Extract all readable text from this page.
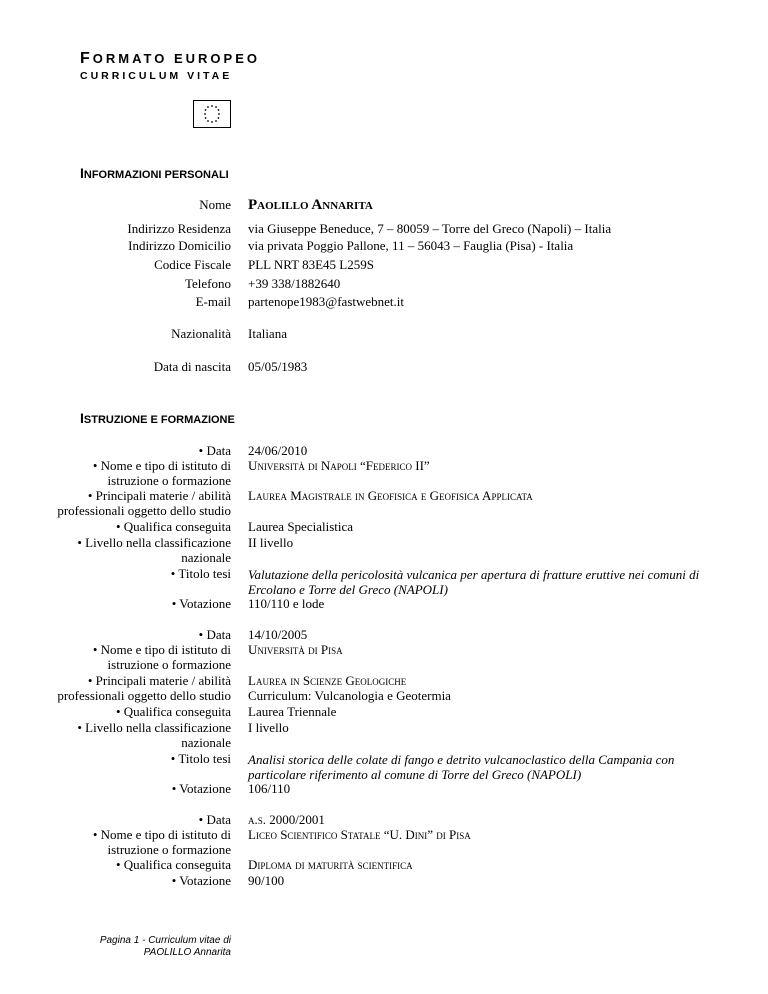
FORMATO EUROPEO
CURRICULUM VITAE
INFORMAZIONI PERSONALI
Nome Paolillo Annarita
Indirizzo Residenza via Giuseppe Beneduce, 7 – 80059 – Torre del Greco (Napoli) – Italia
Indirizzo Domicilio via privata Poggio Pallone, 11 – 56043 – Fauglia (Pisa) - Italia
Codice Fiscale PLL NRT 83E45 L259S
Telefono +39 338/1882640
E-mail partenope1983@fastwebnet.it
Nazionalità Italiana
Data di nascita 05/05/1983
ISTRUZIONE E FORMAZIONE
• Data 24/06/2010
• Nome e tipo di istituto di Università di Napoli “Federico II”
istruzione o formazione
• Principali materie / abilità Laurea Magistrale in Geofisica e Geofisica Applicata
professionali oggetto dello studio
• Qualifica conseguita Laurea Specialistica
• Livello nella classificazione II livello
nazionale
• Titolo tesi Valutazione della pericolosità vulcanica per apertura di fratture eruttive nei comuni di
Ercolano e Torre del Greco (NAPOLI)
• Votazione 110/110 e lode
• Data 14/10/2005
• Nome e tipo di istituto di Università di Pisa
istruzione o formazione
• Principali materie / abilità Laurea in Scienze Geologiche
professionali oggetto dello studio Curriculum: Vulcanologia e Geotermia
• Qualifica conseguita Laurea Triennale
• Livello nella classificazione I livello
nazionale
• Titolo tesi Analisi storica delle colate di fango e detrito vulcanoclastico della Campania con
particolare riferimento al comune di Torre del Greco (NAPOLI)
• Votazione 106/110
• Data a.s. 2000/2001
• Nome e tipo di istituto di Liceo Scientifico Statale “U. Dini” di Pisa
istruzione o formazione
• Qualifica conseguita Diploma di maturità scientifica
• Votazione 90/100
Pagina 1 - Curriculum vitae di
PAOLILLO Annarita
